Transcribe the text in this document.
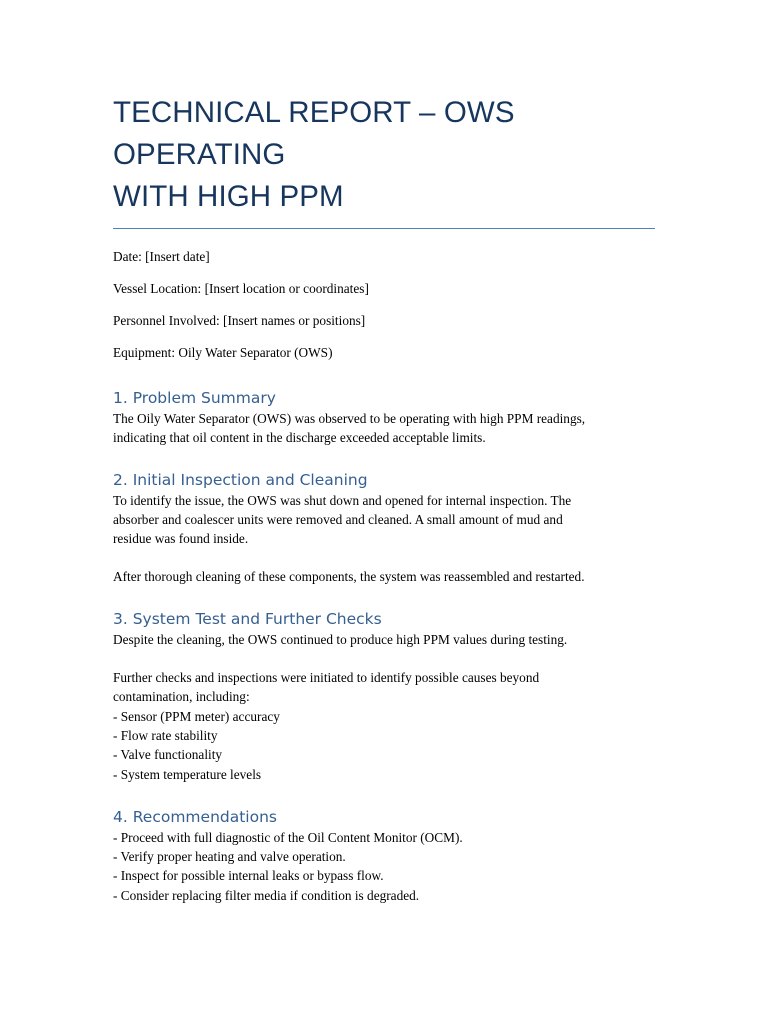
TECHNICAL REPORT – OWS OPERATING
WITH HIGH PPM
Date: [Insert date]
Vessel Location: [Insert location or coordinates]
Personnel Involved: [Insert names or positions]
Equipment: Oily Water Separator (OWS)
1. Problem Summary

The Oily Water Separator (OWS) was observed to be operating with high PPM readings,
indicating that oil content in the discharge exceeded acceptable limits.

2. Initial Inspection and Cleaning

To identify the issue, the OWS was shut down and opened for internal inspection. The
absorber and coalescer units were removed and cleaned. A small amount of mud and
residue was found inside.

After thorough cleaning of these components, the system was reassembled and restarted.

3. System Test and Further Checks

Despite the cleaning, the OWS continued to produce high PPM values during testing.

Further checks and inspections were initiated to identify possible causes beyond
contamination, including:
- Sensor (PPM meter) accuracy
- Flow rate stability
- Valve functionality
- System temperature levels

4. Recommendations

- Proceed with full diagnostic of the Oil Content Monitor (OCM).
- Verify proper heating and valve operation.
- Inspect for possible internal leaks or bypass flow.
- Consider replacing filter media if condition is degraded.
